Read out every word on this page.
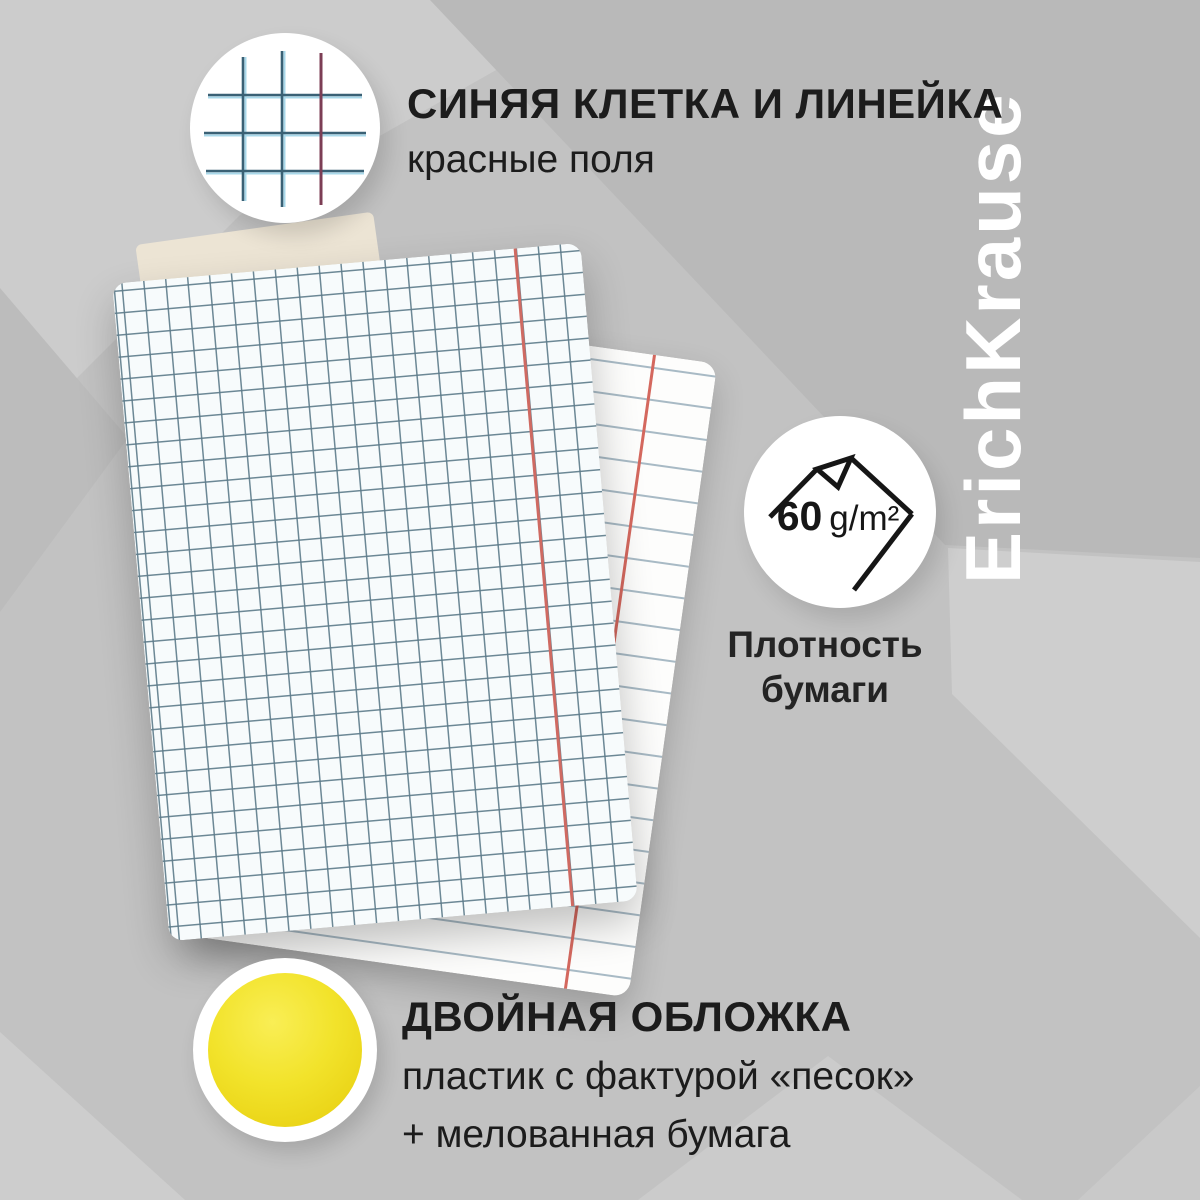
ErichKrause

СИНЯЯ КЛЕТКА И ЛИНЕЙКА

красные поля

60 g/m²
Плотность
бумаги

ДВОЙНАЯ ОБЛОЖКА

пластик с фактурой «песок»

+ мелованная бумага
